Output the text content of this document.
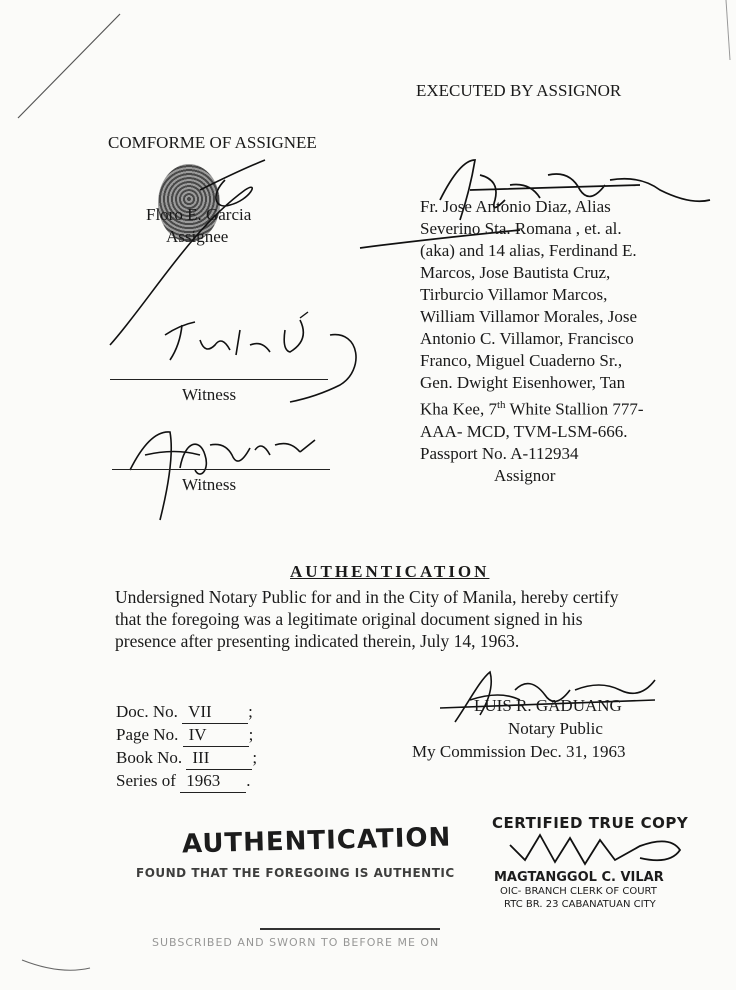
EXECUTED BY ASSIGNOR
COMFORME OF ASSIGNEE
Floro E. Garcia
Assignee
Witness
Witness
Fr. Jose Antonio Diaz, Alias
Severino Sta. Romana , et. al.
(aka) and 14 alias, Ferdinand E.
Marcos, Jose Bautista Cruz,
Tirburcio Villamor Marcos,
William Villamor Morales, Jose
Antonio C. Villamor, Francisco
Franco, Miguel Cuaderno Sr.,
Gen. Dwight Eisenhower, Tan
Kha Kee, 7th White Stallion 777-
AAA- MCD, TVM-LSM-666.
Passport No. A-112934
Assignor
AUTHENTICATION
Undersigned Notary Public for and in the City of Manila, hereby certify
that the foregoing was a legitimate original document signed in his
presence after presenting indicated therein, July 14, 1963.
LUIS R. GADUANG
Notary Public
My Commission Dec. 31, 1963
Doc. No. VII ;
Page No. IV ;
Book No. III	;
Series of 1963 .
AUTHENTICATION
FOUND THAT THE FOREGOING IS AUTHENTIC
SUBSCRIBED AND SWORN TO BEFORE ME ON
CERTIFIED TRUE COPY
MAGTANGGOL C. VILAR
OIC- BRANCH CLERK OF COURT
RTC BR. 23 CABANATUAN CITY
